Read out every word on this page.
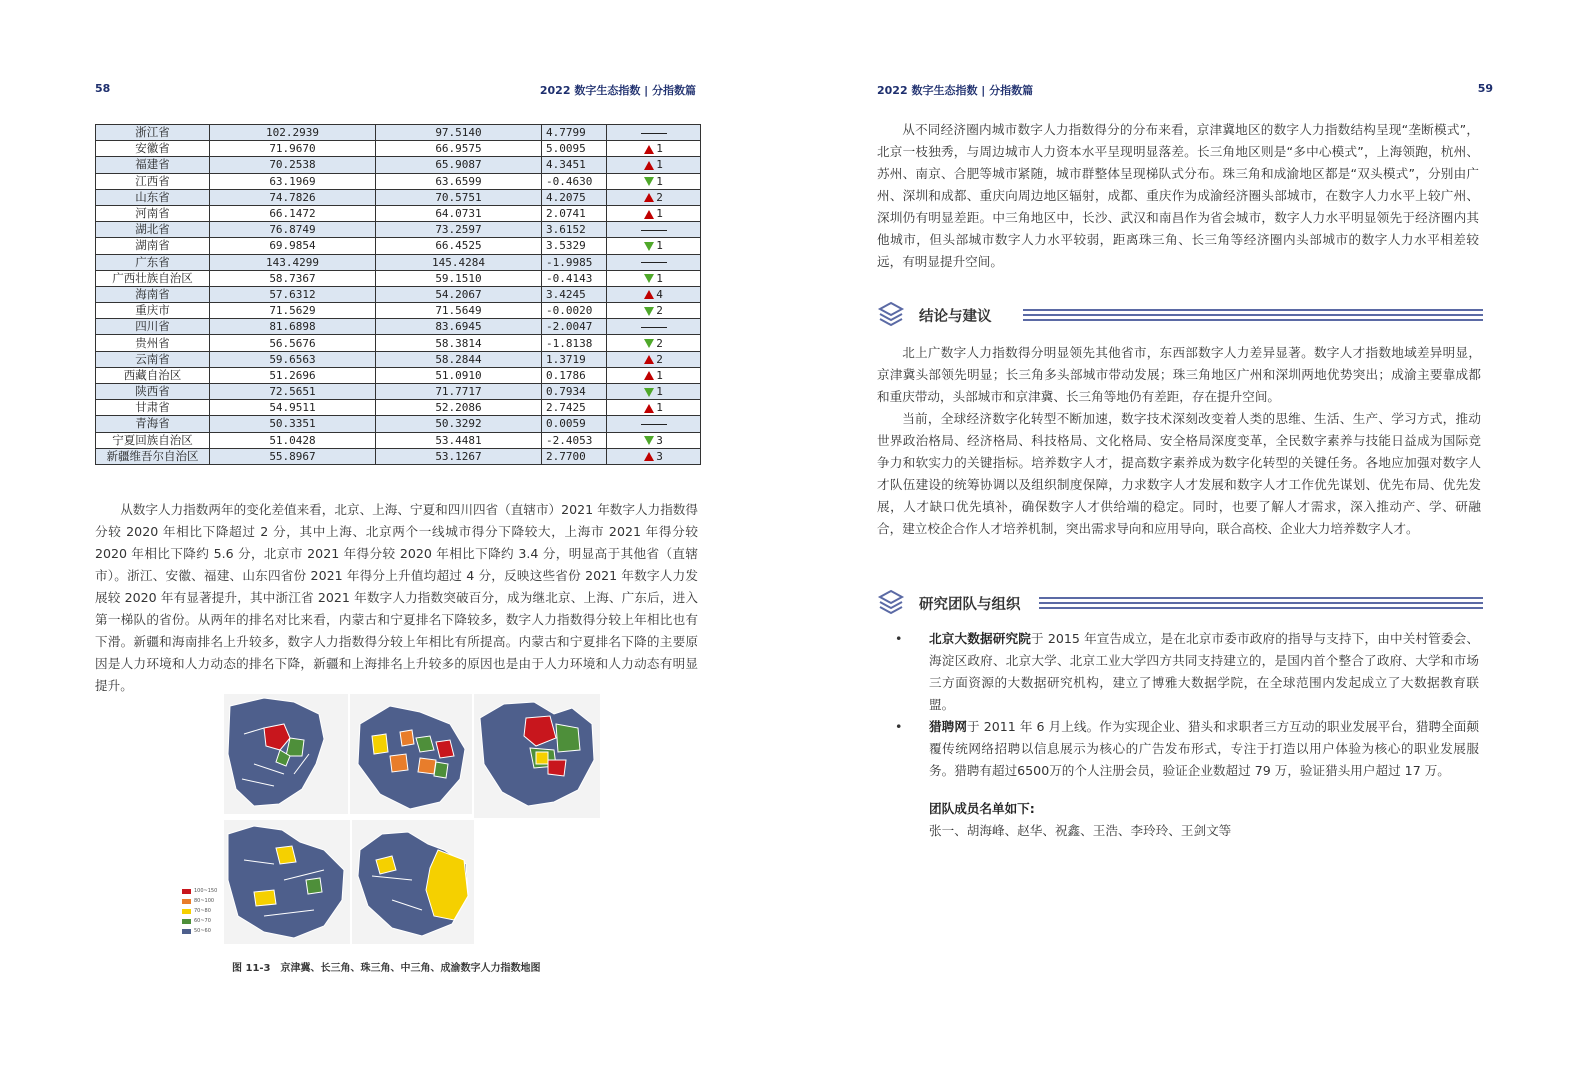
58	2022 数字生态指数 | 分指数篇
浙江省	102.2939	97.5140	4.7799	
安徽省	71.9670	66.9575	5.0095	1
福建省	70.2538	65.9087	4.3451	1
江西省	63.1969	63.6599	-0.4630	1
山东省	74.7826	70.5751	4.2075	2
河南省	66.1472	64.0731	2.0741	1
湖北省	76.8749	73.2597	3.6152	
湖南省	69.9854	66.4525	3.5329	1
广东省	143.4299	145.4284	-1.9985	
广西壮族自治区	58.7367	59.1510	-0.4143	1
海南省	57.6312	54.2067	3.4245	4
重庆市	71.5629	71.5649	-0.0020	2
四川省	81.6898	83.6945	-2.0047	
贵州省	56.5676	58.3814	-1.8138	2
云南省	59.6563	58.2844	1.3719	2
西藏自治区	51.2696	51.0910	0.1786	1
陕西省	72.5651	71.7717	0.7934	1
甘肃省	54.9511	52.2086	2.7425	1
青海省	50.3351	50.3292	0.0059	
宁夏回族自治区	51.0428	53.4481	-2.4053	3
新疆维吾尔自治区	55.8967	53.1267	2.7700	3
从数字人力指数两年的变化差值来看，北京、上海、宁夏和四川四省（直辖市）2021 年数字人力指数得分较 2020 年相比下降超过 2 分，其中上海、北京两个一线城市得分下降较大，上海市 2021 年得分较 2020 年相比下降约 5.6 分，北京市 2021 年得分较 2020 年相比下降约 3.4 分，明显高于其他省（直辖市）。浙江、安徽、福建、山东四省份 2021 年得分上升值均超过 4 分，反映这些省份 2021 年数字人力发展较 2020 年有显著提升，其中浙江省 2021 年数字人力指数突破百分，成为继北京、上海、广东后，进入第一梯队的省份。从两年的排名对比来看，内蒙古和宁夏排名下降较多，数字人力指数得分较上年相比也有下滑。新疆和海南排名上升较多，数字人力指数得分较上年相比有所提高。内蒙古和宁夏排名下降的主要原因是人力环境和人力动态的排名下降，新疆和上海排名上升较多的原因也是由于人力环境和人力动态有明显提升。
100~150
80~100
70~80
60~70
50~60
图 11-3　京津冀、长三角、珠三角、中三角、成渝数字人力指数地图
2022 数字生态指数 | 分指数篇	59
从不同经济圈内城市数字人力指数得分的分布来看，京津冀地区的数字人力指数结构呈现“垄断模式”，北京一枝独秀，与周边城市人力资本水平呈现明显落差。长三角地区则是“多中心模式”，上海领跑，杭州、苏州、南京、合肥等城市紧随，城市群整体呈现梯队式分布。珠三角和成渝地区都是“双头模式”，分别由广州、深圳和成都、重庆向周边地区辐射，成都、重庆作为成渝经济圈头部城市，在数字人力水平上较广州、深圳仍有明显差距。中三角地区中，长沙、武汉和南昌作为省会城市，数字人力水平明显领先于经济圈内其他城市，但头部城市数字人力水平较弱，距离珠三角、长三角等经济圈内头部城市的数字人力水平相差较远，有明显提升空间。
结论与建议

北上广数字人力指数得分明显领先其他省市，东西部数字人力差异显著。数字人才指数地域差异明显，京津冀头部领先明显；长三角多头部城市带动发展；珠三角地区广州和深圳两地优势突出；成渝主要靠成都和重庆带动，头部城市和京津冀、长三角等地仍有差距，存在提升空间。

当前，全球经济数字化转型不断加速，数字技术深刻改变着人类的思维、生活、生产、学习方式，推动世界政治格局、经济格局、科技格局、文化格局、安全格局深度变革，全民数字素养与技能日益成为国际竞争力和软实力的关键指标。培养数字人才，提高数字素养成为数字化转型的关键任务。各地应加强对数字人才队伍建设的统筹协调以及组织制度保障，力求数字人才发展和数字人才工作优先谋划、优先布局、优先发展，人才缺口优先填补，确保数字人才供给端的稳定。同时，也要了解人才需求，深入推动产、学、研融合，建立校企合作人才培养机制，突出需求导向和应用导向，联合高校、企业大力培养数字人才。

研究团队与组织
• 北京大数据研究院于 2015 年宣告成立，是在北京市委市政府的指导与支持下，由中关村管委会、海淀区政府、北京大学、北京工业大学四方共同支持建立的，是国内首个整合了政府、大学和市场三方面资源的大数据研究机构，建立了博雅大数据学院，在全球范围内发起成立了大数据教育联盟。
• 猎聘网于 2011 年 6 月上线。作为实现企业、猎头和求职者三方互动的职业发展平台，猎聘全面颠覆传统网络招聘以信息展示为核心的广告发布形式，专注于打造以用户体验为核心的职业发展服务。猎聘有超过6500万的个人注册会员，验证企业数超过 79 万，验证猎头用户超过 17 万。
团队成员名单如下:
张一、胡海峰、赵华、祝鑫、王浩、李玲玲、王剑文等
